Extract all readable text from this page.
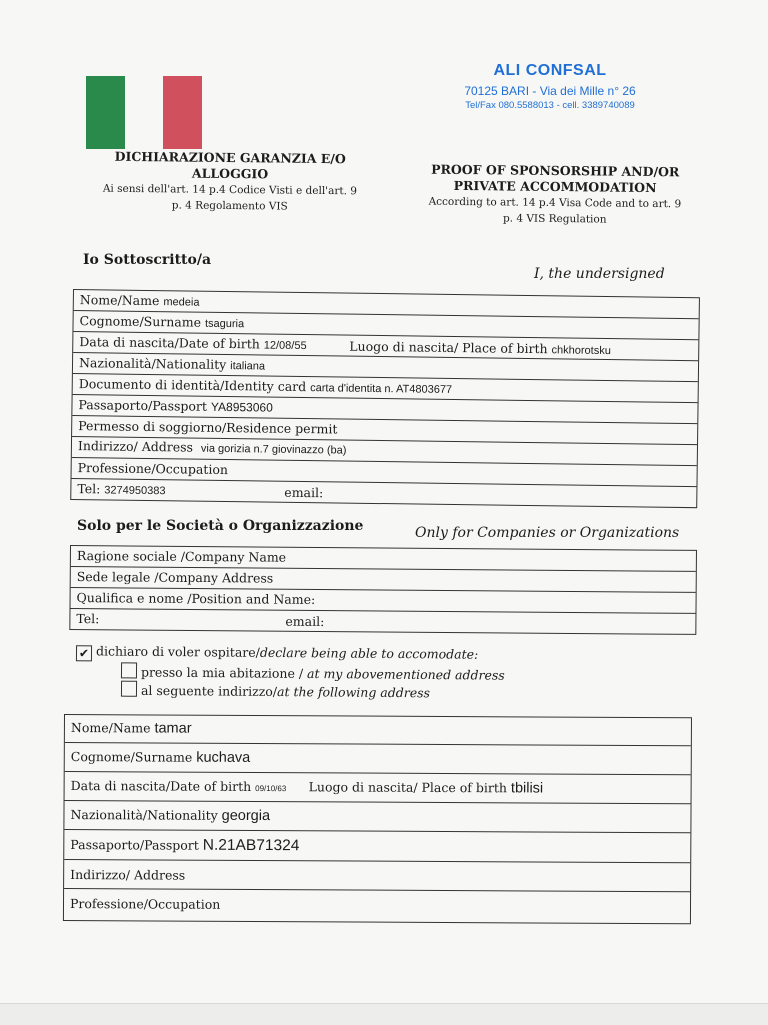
ALI CONFSAL
70125 BARI - Via dei Mille n° 26
Tel/Fax 080.5588013 - cell. 3389740089
DICHIARAZIONE GARANZIA E/O ALLOGGIO
Ai sensi dell'art. 14 p.4 Codice Visti e dell'art. 9
p. 4 Regolamento VIS
PROOF OF SPONSORSHIP AND/OR
PRIVATE ACCOMMODATION
According to art. 14 p.4 Visa Code and to art. 9
p. 4 VIS Regulation
Io Sottoscritto/a
I, the undersigned
Nome/Name medeia
Cognome/Surname tsaguria
Data di nascita/Date of birth 12/08/55	Luogo di nascita/ Place of birth chkhorotsku
Nazionalità/Nationality italiana
Documento di identità/Identity card carta d'identita n. AT4803677
Passaporto/Passport YA8953060
Permesso di soggiorno/Residence permit
Indirizzo/ Address via gorizia n.7 giovinazzo (ba)
Professione/Occupation
Tel: 3274950383	email:
Solo per le Società o Organizzazione	Only for Companies or Organizations
Ragione sociale /Company Name
Sede legale /Company Address
Qualifica e nome /Position and Name:
Tel:	email:
✔ dichiaro di voler ospitare/declare being able to accomodate:
presso la mia abitazione / at my abovementioned address
al seguente indirizzo/at the following address
Nome/Name tamar
Cognome/Surname kuchava
Data di nascita/Date of birth 09/10/63 Luogo di nascita/ Place of birth tbilisi
Nazionalità/Nationality georgia
Passaporto/Passport N.21AB71324
Indirizzo/ Address
Professione/Occupation
